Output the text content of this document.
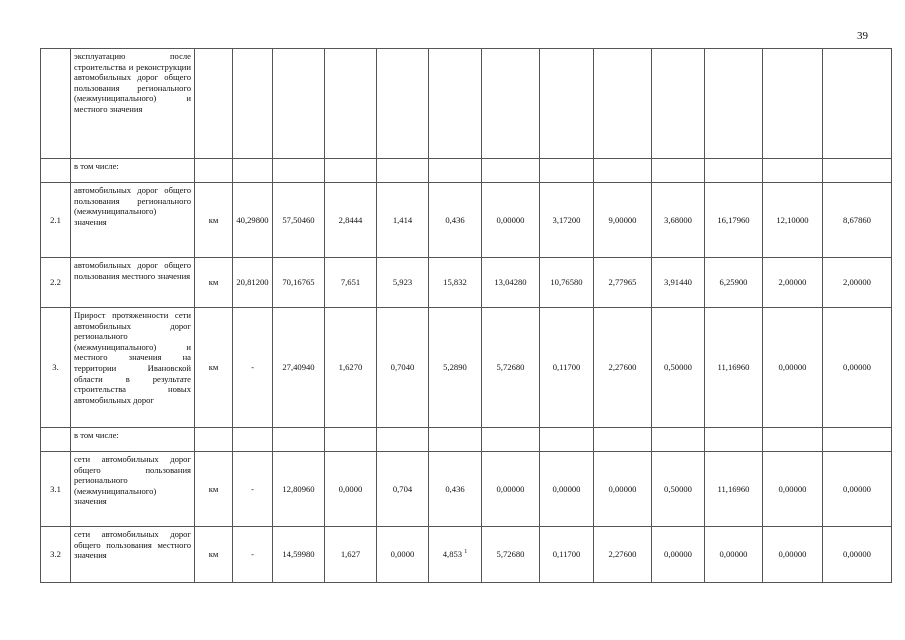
39
	эксплуатацию после строительства и реконструкции автомобильных дорог общего пользования регионального (межмуниципального) и местного значения													
	в том числе:													
2.1	автомобильных дорог общего пользования регионального (межмуниципального) значения	км	40,29800	57,50460	2,8444	1,414	0,436	0,00000	3,17200	9,00000	3,68000	16,17960	12,10000	8,67860
2.2	автомобильных дорог общего пользования местного значения	км	20,81200	70,16765	7,651	5,923	15,832	13,04280	10,76580	2,77965	3,91440	6,25900	2,00000	2,00000
3.	Прирост протяженности сети автомобильных дорог регионального (межмуниципального) и местного значения на территории Ивановской области в результате строительства новых автомобильных дорог	км	-	27,40940	1,6270	0,7040	5,2890	5,72680	0,11700	2,27600	0,50000	11,16960	0,00000	0,00000
	в том числе:													
3.1	сети автомобильных дорог общего пользования регионального (межмуниципального) значения	км	-	12,80960	0,0000	0,704	0,436	0,00000	0,00000	0,00000	0,50000	11,16960	0,00000	0,00000
3.2	сети автомобильных дорог общего пользования местного значения	км	-	14,59980	1,627	0,0000	4,853 $^1$	5,72680	0,11700	2,27600	0,00000	0,00000	0,00000	0,00000
